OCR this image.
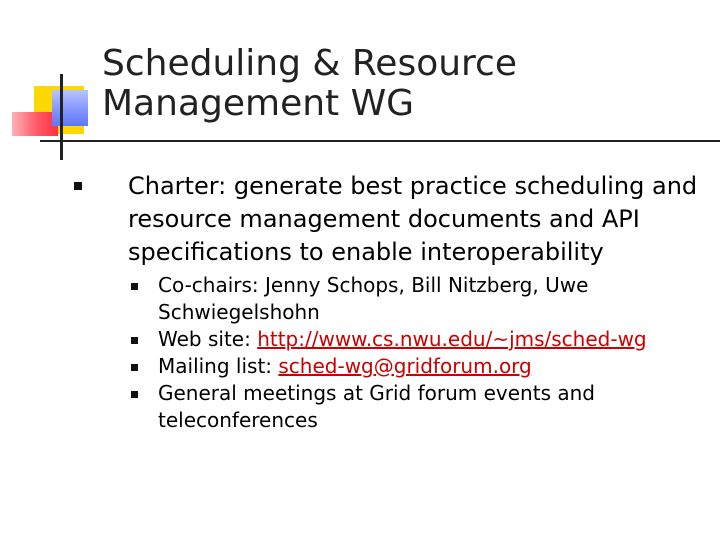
Scheduling & Resource
Management WG
Charter: generate best practice scheduling and resource management documents and API specifications to enable interoperability
Co-chairs: Jenny Schops, Bill Nitzberg, Uwe Schwiegelshohn
Web site: http://www.cs.nwu.edu/~jms/sched-wg
Mailing list: sched-wg@gridforum.org
General meetings at Grid forum events and teleconferences
